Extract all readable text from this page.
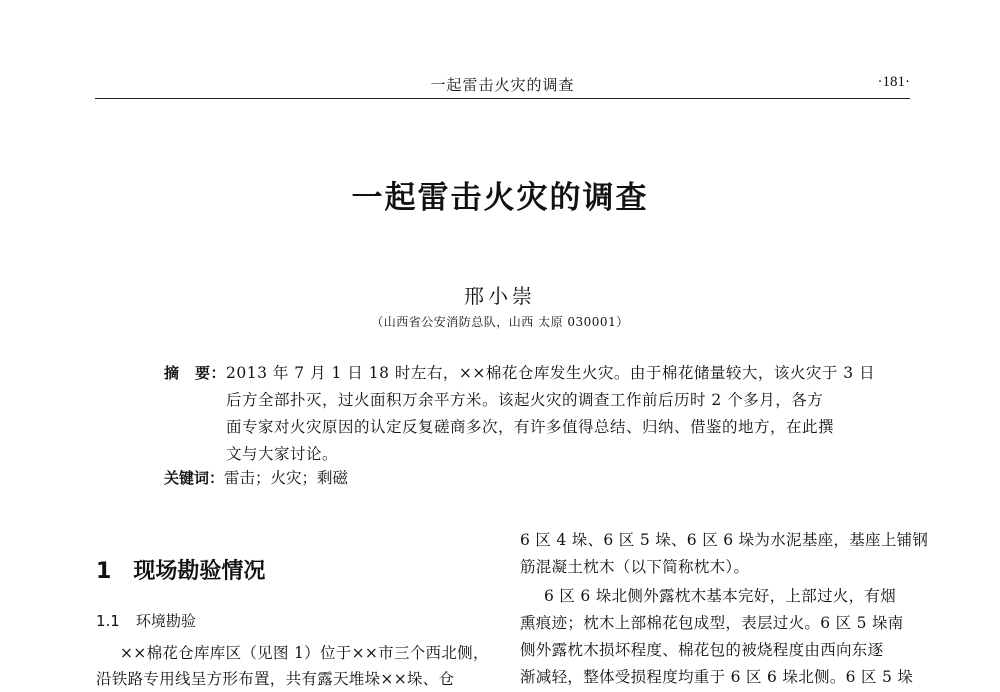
一起雷击火灾的调查	·181·
一起雷击火灾的调查
邢小崇
（山西省公安消防总队，山西 太原 030001）
摘　要： 2013 年 7 月 1 日 18 时左右，××棉花仓库发生火灾。由于棉花储量较大，该火灾于 3 日
后方全部扑灭，过火面积万余平方米。该起火灾的调查工作前后历时 2 个多月，各方
面专家对火灾原因的认定反复磋商多次，有许多值得总结、归纳、借鉴的地方，在此撰
文与大家讨论。
关键词：雷击；火灾；剩磁
1 现场勘验情况
1.1 环境勘验
××棉花仓库库区（见图 1）位于××市三个西北侧，
沿铁路专用线呈方形布置，共有露天堆垛××垛、仓
6 区 4 垛、6 区 5 垛、6 区 6 垛为水泥基座，基座上铺钢
筋混凝土枕木（以下简称枕木）。
6 区 6 垛北侧外露枕木基本完好，上部过火，有烟
熏痕迹；枕木上部棉花包成型，表层过火。6 区 5 垛南
侧外露枕木损坏程度、棉花包的被烧程度由西向东逐
渐减轻，整体受损程度均重于 6 区 6 垛北侧。6 区 5 垛
